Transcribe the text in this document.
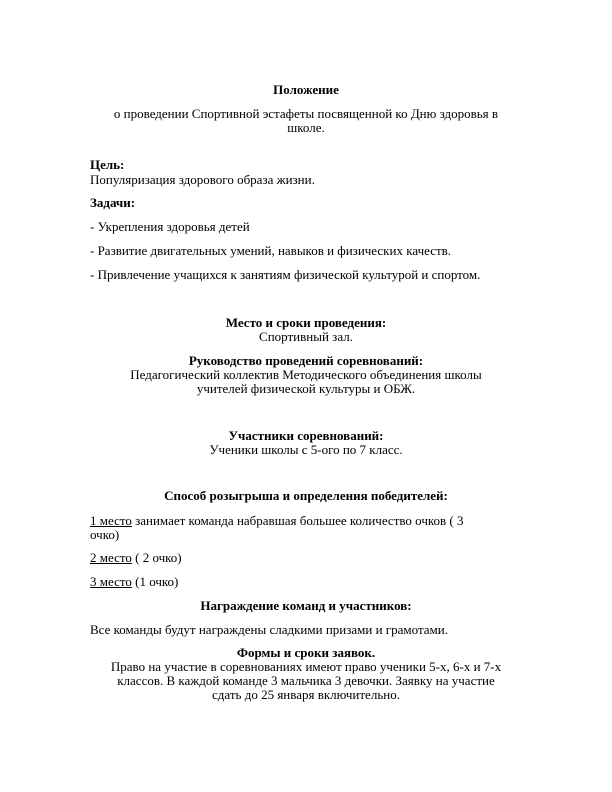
Положение
о проведении Спортивной эстафеты посвященной ко Дню здоровья в
школе.
Цель:
Популяризация здорового образа жизни.
Задачи:
- Укрепления здоровья детей
- Развитие двигательных умений, навыков и физических качеств.
- Привлечение учащихся к занятиям физической культурой и спортом.
Место и сроки проведения:
Спортивный зал.
Руководство проведений соревнований:
Педагогический коллектив Методического объединения школы
учителей физической культуры и ОБЖ.
Участники соревнований:
Ученики школы с 5-ого по 7 класс.
Способ розыгрыша и определения победителей:
1 место занимает команда набравшая большее количество очков ( 3
очко)
2 место ( 2 очко)
3 место (1 очко)
Награждение команд и участников:
Все команды будут награждены сладкими призами и грамотами.
Формы и сроки заявок.
Право на участие в соревнованиях имеют право ученики 5-х, 6-х и 7-х
классов. В каждой команде 3 мальчика 3 девочки. Заявку на участие
сдать до 25 января включительно.
